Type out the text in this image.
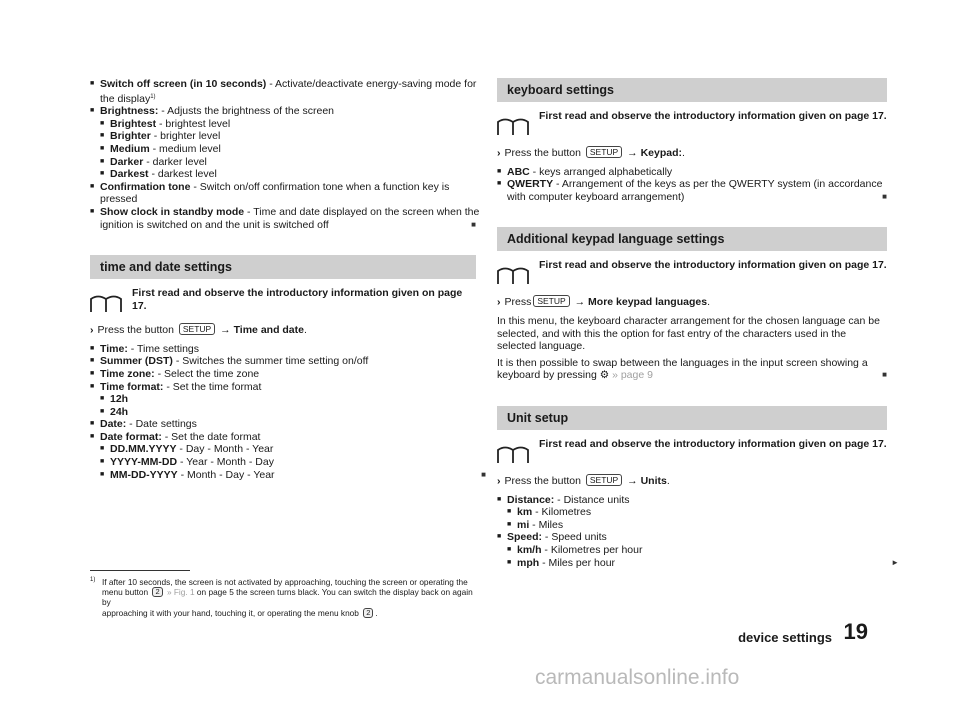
■ Switch off screen (in 10 seconds) - Activate/deactivate energy-saving mode for
the display$^{1)}$
■ Brightness: - Adjusts the brightness of the screen
■ Brightest - brightest level
■ Brighter - brighter level
■ Medium - medium level
■ Darker - darker level
■ Darkest - darkest level
■ Confirmation tone - Switch on/off confirmation tone when a function key is
pressed
■ Show clock in standby mode - Time and date displayed on the screen when the
ignition is switched on and the unit is switched off	■
time and date settings
First read and observe the introductory information given on page 17.
› Press the button SETUP → Time and date.
■ Time: - Time settings
■ Summer (DST) - Switches the summer time setting on/off
■ Time zone: - Select the time zone
■ Time format: - Set the time format
■ 12h
■ 24h
■ Date: - Date settings
■ Date format: - Set the date format
■ DD.MM.YYYY - Day - Month - Year
■ YYYY-MM-DD - Year - Month - Day
■ MM-DD-YYYY - Month - Day - Year	■
keyboard settings
First read and observe the introductory information given on page 17.
› Press the button SETUP → Keypad:.
■ ABC - keys arranged alphabetically
■ QWERTY - Arrangement of the keys as per the QWERTY system (in accordance
with computer keyboard arrangement)	■
Additional keypad language settings
First read and observe the introductory information given on page 17.
› Press SETUP → More keypad languages.
In this menu, the keyboard character arrangement for the chosen language can be selected, and with this the option for fast entry of the characters used in the selected language.
It is then possible to swap between the languages in the input screen showing a keyboard by pressing ⚙ » page 9	■
Unit setup
First read and observe the introductory information given on page 17.
› Press the button SETUP → Units.
■ Distance: - Distance units
■ km - Kilometres
■ mi - Miles
■ Speed: - Speed units
■ km/h - Kilometres per hour
■ mph - Miles per hour	►
1) If after 10 seconds, the screen is not activated by approaching, touching the screen or operating the
menu button 2 » Fig. 1 on page 5 the screen turns black. You can switch the display back on again by
approaching it with your hand, touching it, or operating the menu knob 2 .
device settings 19
carmanualsonline.info
